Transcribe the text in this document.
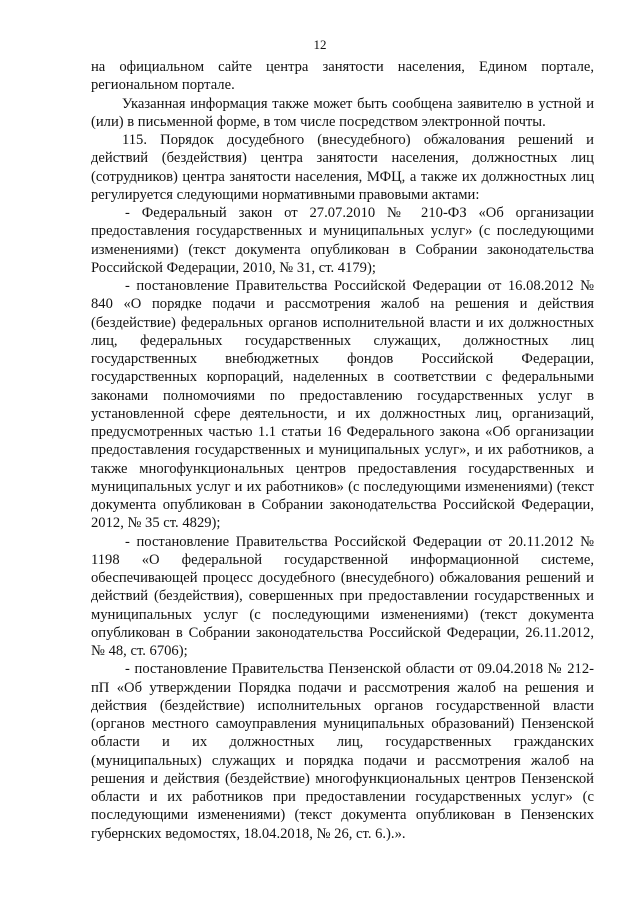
12

на официальном сайте центра занятости населения, Едином портале, региональном портале.

Указанная информация также может быть сообщена заявителю в устной и (или) в письменной форме, в том числе посредством электронной почты.

115. Порядок досудебного (внесудебного) обжалования решений и действий (бездействия) центра занятости населения, должностных лиц (сотрудников) центра занятости населения, МФЦ, а также их должностных лиц регулируется следующими нормативными правовыми актами:

- Федеральный закон от 27.07.2010 № 210-ФЗ «Об организации предоставления государственных и муниципальных услуг» (с последующими изменениями) (текст документа опубликован в Собрании законодательства Российской Федерации, 2010, № 31, ст. 4179);

- постановление Правительства Российской Федерации от 16.08.2012 № 840 «О порядке подачи и рассмотрения жалоб на решения и действия (бездействие) федеральных органов исполнительной власти и их должностных лиц, федеральных государственных служащих, должностных лиц государственных внебюджетных фондов Российской Федерации, государственных корпораций, наделенных в соответствии с федеральными законами полномочиями по предоставлению государственных услуг в установленной сфере деятельности, и их должностных лиц, организаций, предусмотренных частью 1.1 статьи 16 Федерального закона «Об организации предоставления государственных и муниципальных услуг», и их работников, а также многофункциональных центров предоставления государственных и муниципальных услуг и их работников» (с последующими изменениями) (текст документа опубликован в Собрании законодательства Российской Федерации, 2012, № 35 ст. 4829);

- постановление Правительства Российской Федерации от 20.11.2012 № 1198 «О федеральной государственной информационной системе, обеспечивающей процесс досудебного (внесудебного) обжалования решений и действий (бездействия), совершенных при предоставлении государственных и муниципальных услуг (с последующими изменениями) (текст документа опубликован в Собрании законодательства Российской Федерации, 26.11.2012, № 48, ст. 6706);

- постановление Правительства Пензенской области от 09.04.2018 № 212-пП «Об утверждении Порядка подачи и рассмотрения жалоб на решения и действия (бездействие) исполнительных органов государственной власти (органов местного самоуправления муниципальных образований) Пензенской области и их должностных лиц, государственных гражданских (муниципальных) служащих и порядка подачи и рассмотрения жалоб на решения и действия (бездействие) многофункциональных центров Пензенской области и их работников при предоставлении государственных услуг» (с последующими изменениями) (текст документа опубликован в Пензенских губернских ведомостях, 18.04.2018, № 26, ст. 6.).».
